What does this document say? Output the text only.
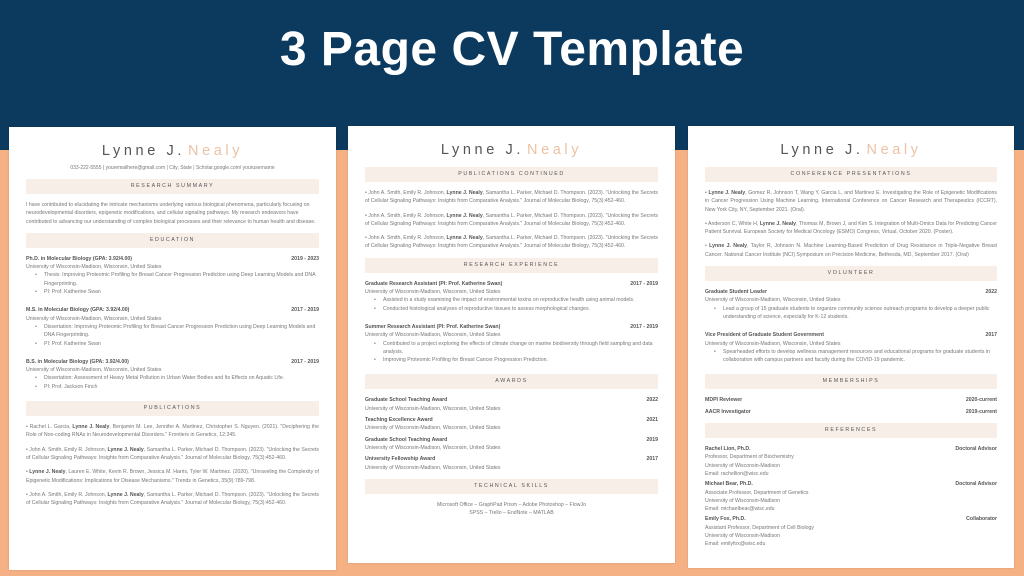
3 Page CV Template
Lynne J. Nealy
033-222-5555 | youremailhere@gmail.com | City, State | Scholar.google.com/ yourusername
RESEARCH SUMMARY
I have contributed to elucidating the intricate mechanisms underlying various biological phenomena, particularly focusing on neurodevelopmental disorders, epigenetic modifications, and cellular signaling pathways. My research endeavors have contributed to advancing our understanding of complex biological processes and their relevance to human health and disease.
EDUCATION
Ph.D. in Molecular Biology (GPA: 3.92/4.00)	2019 - 2023
University of Wisconsin-Madison, Wisconsin, United States
• Thesis: Improving Proteomic Profiling for Breast Cancer Progression Prediction using Deep Learning Models and DNA Fingerprinting.
• PI: Prof. Katherine Swan
M.S. in Molecular Biology (GPA: 3.92/4.00)	2017 - 2019
University of Wisconsin-Madison, Wisconsin, United States
• Dissertation: Improving Proteomic Profiling for Breast Cancer Progression Prediction using Deep Learning Models and DNA Fingerprinting.
• PI: Prof. Katherine Swan
B.S. in Molecular Biology (GPA: 3.92/4.00)	2017 - 2019
University of Wisconsin-Madison, Wisconsin, United States
• Dissertation: Assessment of Heavy Metal Pollution in Urban Water Bodies and Its Effects on Aquatic Life.
• PI: Prof. Jackson Finch
PUBLICATIONS
• Rachel L. Garcia, Lynne J. Nealy, Benjamin M. Lee, Jennifer A. Martinez, Christopher S. Nguyen. (2021). "Deciphering the Role of Non-coding RNAs in Neurodevelopmental Disorders." Frontiers in Genetics, 12:345.
• John A. Smith, Emily R. Johnson, Lynne J. Nealy, Samantha L. Parker, Michael D. Thompson. (2023). "Unlocking the Secrets of Cellular Signaling Pathways: Insights from Comparative Analysis." Journal of Molecular Biology, 75(3):452-460.
• Lynne J. Nealy, Lauren E. White, Kevin R. Brown, Jessica M. Harris, Tyler W. Martinez. (2020). "Unraveling the Complexity of Epigenetic Modifications: Implications for Disease Mechanisms." Trends in Genetics, 35(9):789-798.
• John A. Smith, Emily R. Johnson, Lynne J. Nealy, Samantha L. Parker, Michael D. Thompson. (2023). "Unlocking the Secrets of Cellular Signaling Pathways: Insights from Comparative Analysis." Journal of Molecular Biology, 75(3):452-460.
Lynne J. Nealy
PUBLICATIONS CONTINUED
• John A. Smith, Emily R. Johnson, Lynne J. Nealy, Samantha L. Parker, Michael D. Thompson. (2023). "Unlocking the Secrets of Cellular Signaling Pathways: Insights from Comparative Analysis." Journal of Molecular Biology, 75(3):452-460.
• John A. Smith, Emily R. Johnson, Lynne J. Nealy, Samantha L. Parker, Michael D. Thompson. (2023). "Unlocking the Secrets of Cellular Signaling Pathways: Insights from Comparative Analysis." Journal of Molecular Biology, 75(3):452-460.
• John A. Smith, Emily R. Johnson, Lynne J. Nealy, Samantha L. Parker, Michael D. Thompson. (2023). "Unlocking the Secrets of Cellular Signaling Pathways: Insights from Comparative Analysis." Journal of Molecular Biology, 75(3):452-460.
RESEARCH EXPERIENCE
Graduate Research Assistant (PI: Prof. Katherine Swan)	2017 - 2019
University of Wisconsin-Madison, Wisconsin, United States
• Assisted in a study examining the impact of environmental toxins on reproductive health using animal models.
• Conducted histological analyses of reproductive tissues to assess morphological changes.
Summer Research Assistant (PI: Prof. Katherine Swan)	2017 - 2019
University of Wisconsin-Madison, Wisconsin, United States
• Contributed to a project exploring the effects of climate change on marine biodiversity through field sampling and data analysis.
• Improving Proteomic Profiling for Breast Cancer Progression Prediction.
AWARDS
Graduate School Teaching Award	2022
University of Wisconsin-Madison, Wisconsin, United States
Teaching Excellence Award	2021
University of Wisconsin-Madison, Wisconsin, United States
Graduate School Teaching Award	2019
University of Wisconsin-Madison, Wisconsin, United States
University Fellowship Award	2017
University of Wisconsin-Madison, Wisconsin, United States
TECHNICAL SKILLS
Microsoft Office – GraphPad Prism – Adobe Photoshop – FlowJo
SPSS – Trello – EndNote – MATLAB
Lynne J. Nealy
CONFERENCE PRESENTATIONS
• Lynne J. Nealy, Gomez R, Johnson T, Wang Y, Garcia L, and Martinez E. Investigating the Role of Epigenetic Modifications in Cancer Progression Using Machine Learning. International Conference on Cancer Research and Therapeutics (ICCRT), New York City, NY, September 2021. (Oral).
• Anderson C, White H, Lynne J. Nealy, Thomas M, Brown J, and Kim S. Integration of Multi-Omics Data for Predicting Cancer Patient Survival. European Society for Medical Oncology (ESMO) Congress, Virtual, October 2020. (Poster).
• Lynne J. Nealy, Taylor R, Johnson N. Machine Learning-Based Prediction of Drug Resistance in Triple-Negative Breast Cancer. National Cancer Institute (NCI) Symposium on Precision Medicine, Bethesda, MD, September 2017. (Oral)
VOLUNTEER
Graduate Student Leader	2022
University of Wisconsin-Madison, Wisconsin, United States
• Lead a group of 15 graduate students to organize community science outreach programs to develop a deeper public understanding of science, especially for K-12 students.
Vice President of Graduate Student Government	2017
University of Wisconsin-Madison, Wisconsin, United States
• Spearheaded efforts to develop wellness management resources and educational programs for graduate students in collaboration with campus partners and faculty during the COVID-19 pandemic.
MEMBERSHIPS
MDPI Reviewer	2020-current
AACR Investigator	2019-current
REFERENCES
Rachel Lion, Ph.D.	Doctoral Advisor
Professor, Department of Biochemistry
University of Wisconsin-Madison
Email: rachellion@wisc.edu
Michael Bear, Ph.D.	Doctoral Advisor
Associate Professor, Department of Genetics
University of Wisconsin-Madison
Email: michaelbear@wisc.edu
Emily Fox, Ph.D.	Collaborator
Assistant Professor, Department of Cell Biology
University of Wisconsin-Madison
Email: emilyfox@wisc.edu
